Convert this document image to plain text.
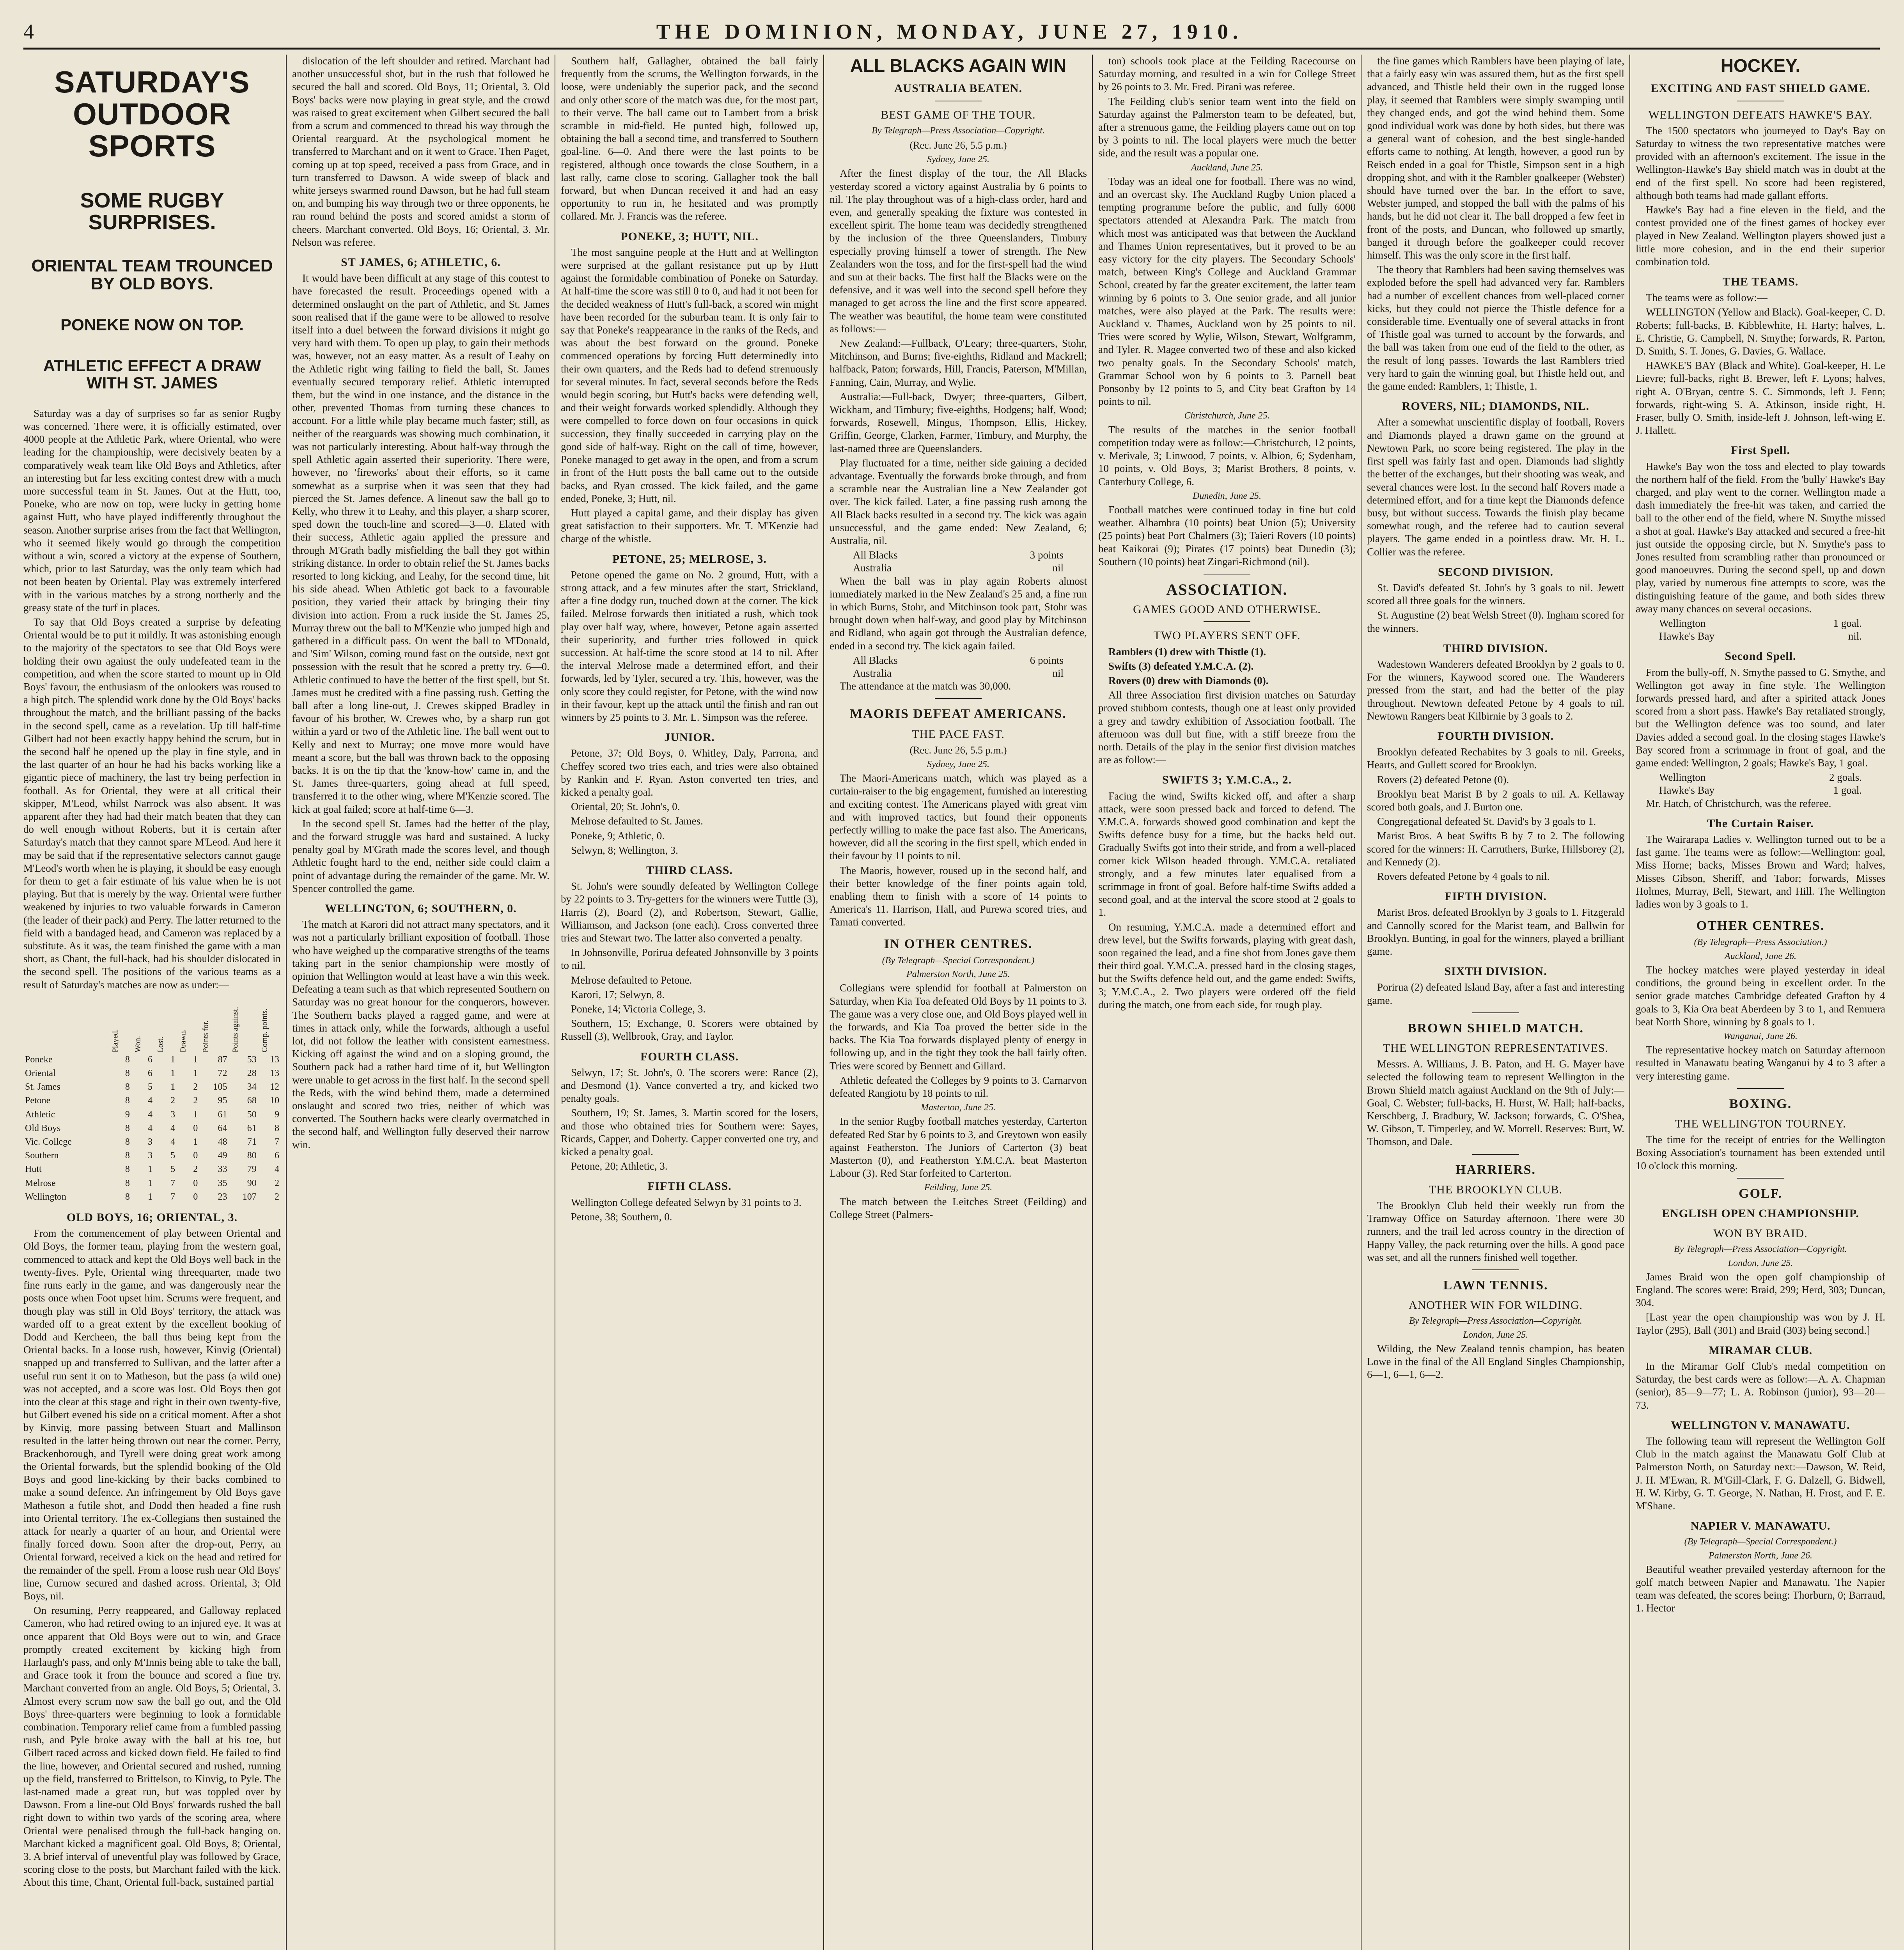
4	THE DOMINION, MONDAY, JUNE 27, 1910.
SATURDAY'S OUTDOOR SPORTS
SOME RUGBY SURPRISES.
ORIENTAL TEAM TROUNCED BY OLD BOYS.
PONEKE NOW ON TOP.
ATHLETIC EFFECT A DRAW WITH ST. JAMES

Saturday was a day of surprises so far as senior Rugby was concerned. There were, it is officially estimated, over 4000 people at the Athletic Park, where Oriental, who were leading for the championship, were decisively beaten by a comparatively weak team like Old Boys and Athletics, after an interesting but far less exciting contest drew with a much more successful team in St. James. Out at the Hutt, too, Poneke, who are now on top, were lucky in getting home against Hutt, who have played indifferently throughout the season. Another surprise arises from the fact that Wellington, who it seemed likely would go through the competition without a win, scored a victory at the expense of Southern, which, prior to last Saturday, was the only team which had not been beaten by Oriental. Play was extremely interfered with in the various matches by a strong northerly and the greasy state of the turf in places.

To say that Old Boys created a surprise by defeating Oriental would be to put it mildly. It was astonishing enough to the majority of the spectators to see that Old Boys were holding their own against the only undefeated team in the competition, and when the score started to mount up in Old Boys' favour, the enthusiasm of the onlookers was roused to a high pitch. The splendid work done by the Old Boys' backs throughout the match, and the brilliant passing of the backs in the second spell, came as a revelation. Up till half-time Gilbert had not been exactly happy behind the scrum, but in the second half he opened up the play in fine style, and in the last quarter of an hour he had his backs working like a gigantic piece of machinery, the last try being perfection in football. As for Oriental, they were at all critical their skipper, M'Leod, whilst Narrock was also absent. It was apparent after they had had their match beaten that they can do well enough without Roberts, but it is certain after Saturday's match that they cannot spare M'Leod. And here it may be said that if the representative selectors cannot gauge M'Leod's worth when he is playing, it should be easy enough for them to get a fair estimate of his value when he is not playing. But that is merely by the way. Oriental were further weakened by injuries to two valuable forwards in Cameron (the leader of their pack) and Perry. The latter returned to the field with a bandaged head, and Cameron was replaced by a substitute. As it was, the team finished the game with a man short, as Chant, the full-back, had his shoulder dislocated in the second spell. The positions of the various teams as a result of Saturday's matches are now as under:—

	Played.	Won.	Lost.	Drawn.	Points for.	Points against.	Comp. points.
Poneke	8	6	1	1	87	53	13
Oriental	8	6	1	1	72	28	13
St. James	8	5	1	2	105	34	12
Petone	8	4	2	2	95	68	10
Athletic	9	4	3	1	61	50	9
Old Boys	8	4	4	0	64	61	8
Vic. College	8	3	4	1	48	71	7
Southern	8	3	5	0	49	80	6
Hutt	8	1	5	2	33	79	4
Melrose	8	1	7	0	35	90	2
Wellington	8	1	7	0	23	107	2
OLD BOYS, 16; ORIENTAL, 3.

From the commencement of play between Oriental and Old Boys, the former team, playing from the western goal, commenced to attack and kept the Old Boys well back in the twenty-fives. Pyle, Oriental wing threequarter, made two fine runs early in the game, and was dangerously near the posts once when Foot upset him. Scrums were frequent, and though play was still in Old Boys' territory, the attack was warded off to a great extent by the excellent booking of Dodd and Kercheen, the ball thus being kept from the Oriental backs. In a loose rush, however, Kinvig (Oriental) snapped up and transferred to Sullivan, and the latter after a useful run sent it on to Matheson, but the pass (a wild one) was not accepted, and a score was lost. Old Boys then got into the clear at this stage and right in their own twenty-five, but Gilbert evened his side on a critical moment. After a shot by Kinvig, more passing between Stuart and Mallinson resulted in the latter being thrown out near the corner. Perry, Brackenborough, and Tyrell were doing great work among the Oriental forwards, but the splendid booking of the Old Boys and good line-kicking by their backs combined to make a sound defence. An infringement by Old Boys gave Matheson a futile shot, and Dodd then headed a fine rush into Oriental territory. The ex-Collegians then sustained the attack for nearly a quarter of an hour, and Oriental were finally forced down. Soon after the drop-out, Perry, an Oriental forward, received a kick on the head and retired for the remainder of the spell. From a loose rush near Old Boys' line, Curnow secured and dashed across. Oriental, 3; Old Boys, nil.

On resuming, Perry reappeared, and Galloway replaced Cameron, who had retired owing to an injured eye. It was at once apparent that Old Boys were out to win, and Grace promptly created excitement by kicking high from Harlaugh's pass, and only M'Innis being able to take the ball, and Grace took it from the bounce and scored a fine try. Marchant converted from an angle. Old Boys, 5; Oriental, 3. Almost every scrum now saw the ball go out, and the Old Boys' three-quarters were beginning to look a formidable combination. Temporary relief came from a fumbled passing rush, and Pyle broke away with the ball at his toe, but Gilbert raced across and kicked down field. He failed to find the line, however, and Oriental secured and rushed, running up the field, transferred to Brittelson, to Kinvig, to Pyle. The last-named made a great run, but was toppled over by Dawson. From a line-out Old Boys' forwards rushed the ball right down to within two yards of the scoring area, where Oriental were penalised through the full-back hanging on. Marchant kicked a magnificent goal. Old Boys, 8; Oriental, 3. A brief interval of uneventful play was followed by Grace, scoring close to the posts, but Marchant failed with the kick. About this time, Chant, Oriental full-back, sustained partial

dislocation of the left shoulder and retired. Marchant had another unsuccessful shot, but in the rush that followed he secured the ball and scored. Old Boys, 11; Oriental, 3. Old Boys' backs were now playing in great style, and the crowd was raised to great excitement when Gilbert secured the ball from a scrum and commenced to thread his way through the Oriental rearguard. At the psychological moment he transferred to Marchant and on it went to Grace. Then Paget, coming up at top speed, received a pass from Grace, and in turn transferred to Dawson. A wide sweep of black and white jerseys swarmed round Dawson, but he had full steam on, and bumping his way through two or three opponents, he ran round behind the posts and scored amidst a storm of cheers. Marchant converted. Old Boys, 16; Oriental, 3. Mr. Nelson was referee.

ST JAMES, 6; ATHLETIC, 6.

It would have been difficult at any stage of this contest to have forecasted the result. Proceedings opened with a determined onslaught on the part of Athletic, and St. James soon realised that if the game were to be allowed to resolve itself into a duel between the forward divisions it might go very hard with them. To open up play, to gain their methods was, however, not an easy matter. As a result of Leahy on the Athletic right wing failing to field the ball, St. James eventually secured temporary relief. Athletic interrupted them, but the wind in one instance, and the distance in the other, prevented Thomas from turning these chances to account. For a little while play became much faster; still, as neither of the rearguards was showing much combination, it was not particularly interesting. About half-way through the spell Athletic again asserted their superiority. There were, however, no 'fireworks' about their efforts, so it came somewhat as a surprise when it was seen that they had pierced the St. James defence. A lineout saw the ball go to Kelly, who threw it to Leahy, and this player, a sharp scorer, sped down the touch-line and scored—3—0. Elated with their success, Athletic again applied the pressure and through M'Grath badly misfielding the ball they got within striking distance. In order to obtain relief the St. James backs resorted to long kicking, and Leahy, for the second time, hit his side ahead. When Athletic got back to a favourable position, they varied their attack by bringing their tiny division into action. From a ruck inside the St. James 25, Murray threw out the ball to M'Kenzie who jumped high and gathered in a difficult pass. On went the ball to M'Donald, and 'Sim' Wilson, coming round fast on the outside, next got possession with the result that he scored a pretty try. 6—0. Athletic continued to have the better of the first spell, but St. James must be credited with a fine passing rush. Getting the ball after a long line-out, J. Crewes skipped Bradley in favour of his brother, W. Crewes who, by a sharp run got within a yard or two of the Athletic line. The ball went out to Kelly and next to Murray; one move more would have meant a score, but the ball was thrown back to the opposing backs. It is on the tip that the 'know-how' came in, and the St. James three-quarters, going ahead at full speed, transferred it to the other wing, where M'Kenzie scored. The kick at goal failed; score at half-time 6—3.

In the second spell St. James had the better of the play, and the forward struggle was hard and sustained. A lucky penalty goal by M'Grath made the scores level, and though Athletic fought hard to the end, neither side could claim a point of advantage during the remainder of the game. Mr. W. Spencer controlled the game.

WELLINGTON, 6; SOUTHERN, 0.

The match at Karori did not attract many spectators, and it was not a particularly brilliant exposition of football. Those who have weighed up the comparative strengths of the teams taking part in the senior championship were mostly of opinion that Wellington would at least have a win this week. Defeating a team such as that which represented Southern on Saturday was no great honour for the conquerors, however. The Southern backs played a ragged game, and were at times in attack only, while the forwards, although a useful lot, did not follow the leather with consistent earnestness. Kicking off against the wind and on a sloping ground, the Southern pack had a rather hard time of it, but Wellington were unable to get across in the first half. In the second spell the Reds, with the wind behind them, made a determined onslaught and scored two tries, neither of which was converted. The Southern backs were clearly overmatched in the second half, and Wellington fully deserved their narrow win.

Southern half, Gallagher, obtained the ball fairly frequently from the scrums, the Wellington forwards, in the loose, were undeniably the superior pack, and the second and only other score of the match was due, for the most part, to their verve. The ball came out to Lambert from a brisk scramble in mid-field. He punted high, followed up, obtaining the ball a second time, and transferred to Southern goal-line. 6—0. And there were the last points to be registered, although once towards the close Southern, in a last rally, came close to scoring. Gallagher took the ball forward, but when Duncan received it and had an easy opportunity to run in, he hesitated and was promptly collared. Mr. J. Francis was the referee.

PONEKE, 3; HUTT, NIL.

The most sanguine people at the Hutt and at Wellington were surprised at the gallant resistance put up by Hutt against the formidable combination of Poneke on Saturday. At half-time the score was still 0 to 0, and had it not been for the decided weakness of Hutt's full-back, a scored win might have been recorded for the suburban team. It is only fair to say that Poneke's reappearance in the ranks of the Reds, and was about the best forward on the ground. Poneke commenced operations by forcing Hutt determinedly into their own quarters, and the Reds had to defend strenuously for several minutes. In fact, several seconds before the Reds would begin scoring, but Hutt's backs were defending well, and their weight forwards worked splendidly. Although they were compelled to force down on four occasions in quick succession, they finally succeeded in carrying play on the good side of half-way. Right on the call of time, however, Poneke managed to get away in the open, and from a scrum in front of the Hutt posts the ball came out to the outside backs, and Ryan crossed. The kick failed, and the game ended, Poneke, 3; Hutt, nil.

Hutt played a capital game, and their display has given great satisfaction to their supporters. Mr. T. M'Kenzie had charge of the whistle.

PETONE, 25; MELROSE, 3.

Petone opened the game on No. 2 ground, Hutt, with a strong attack, and a few minutes after the start, Strickland, after a fine dodgy run, touched down at the corner. The kick failed. Melrose forwards then initiated a rush, which took play over half way, where, however, Petone again asserted their superiority, and further tries followed in quick succession. At half-time the score stood at 14 to nil. After the interval Melrose made a determined effort, and their forwards, led by Tyler, secured a try. This, however, was the only score they could register, for Petone, with the wind now in their favour, kept up the attack until the finish and ran out winners by 25 points to 3. Mr. L. Simpson was the referee.

JUNIOR.

Petone, 37; Old Boys, 0. Whitley, Daly, Parrona, and Cheffey scored two tries each, and tries were also obtained by Rankin and F. Ryan. Aston converted ten tries, and kicked a penalty goal.

Oriental, 20; St. John's, 0.

Melrose defaulted to St. James.

Poneke, 9; Athletic, 0.

Selwyn, 8; Wellington, 3.

THIRD CLASS.

St. John's were soundly defeated by Wellington College by 22 points to 3. Try-getters for the winners were Tuttle (3), Harris (2), Board (2), and Robertson, Stewart, Gallie, Williamson, and Jackson (one each). Cross converted three tries and Stewart two. The latter also converted a penalty.

In Johnsonville, Porirua defeated Johnsonville by 3 points to nil.

Melrose defaulted to Petone.

Karori, 17; Selwyn, 8.

Poneke, 14; Victoria College, 3.

Southern, 15; Exchange, 0. Scorers were obtained by Russell (3), Wellbrook, Gray, and Taylor.

FOURTH CLASS.

Selwyn, 17; St. John's, 0. The scorers were: Rance (2), and Desmond (1). Vance converted a try, and kicked two penalty goals.

Southern, 19; St. James, 3. Martin scored for the losers, and those who obtained tries for Southern were: Sayes, Ricards, Capper, and Doherty. Capper converted one try, and kicked a penalty goal.

Petone, 20; Athletic, 3.

FIFTH CLASS.

Wellington College defeated Selwyn by 31 points to 3.

Petone, 38; Southern, 0.

ALL BLACKS AGAIN WIN
AUSTRALIA BEATEN.
BEST GAME OF THE TOUR.
By Telegraph—Press Association—Copyright.
(Rec. June 26, 5.5 p.m.)
Sydney, June 25.

After the finest display of the tour, the All Blacks yesterday scored a victory against Australia by 6 points to nil. The play throughout was of a high-class order, hard and even, and generally speaking the fixture was contested in excellent spirit. The home team was decidedly strengthened by the inclusion of the three Queenslanders, Timbury especially proving himself a tower of strength. The New Zealanders won the toss, and for the first-spell had the wind and sun at their backs. The first half the Blacks were on the defensive, and it was well into the second spell before they managed to get across the line and the first score appeared. The weather was beautiful, the home team were constituted as follows:—

New Zealand:—Fullback, O'Leary; three-quarters, Stohr, Mitchinson, and Burns; five-eighths, Ridland and Mackrell; halfback, Paton; forwards, Hill, Francis, Paterson, M'Millan, Fanning, Cain, Murray, and Wylie.

Australia:—Full-back, Dwyer; three-quarters, Gilbert, Wickham, and Timbury; five-eighths, Hodgens; half, Wood; forwards, Rosewell, Mingus, Thompson, Ellis, Hickey, Griffin, George, Clarken, Farmer, Timbury, and Murphy, the last-named three are Queenslanders.

Play fluctuated for a time, neither side gaining a decided advantage. Eventually the forwards broke through, and from a scramble near the Australian line a New Zealander got over. The kick failed. Later, a fine passing rush among the All Black backs resulted in a second try. The kick was again unsuccessful, and the game ended: New Zealand, 6; Australia, nil.

All Blacks	3 points
Australia	nil

When the ball was in play again Roberts almost immediately marked in the New Zealand's 25 and, a fine run in which Burns, Stohr, and Mitchinson took part, Stohr was brought down when half-way, and good play by Mitchinson and Ridland, who again got through the Australian defence, ended in a second try. The kick again failed.

All Blacks	6 points
Australia	nil

The attendance at the match was 30,000.

MAORIS DEFEAT AMERICANS.
THE PACE FAST.
(Rec. June 26, 5.5 p.m.)
Sydney, June 25.

The Maori-Americans match, which was played as a curtain-raiser to the big engagement, furnished an interesting and exciting contest. The Americans played with great vim and with improved tactics, but found their opponents perfectly willing to make the pace fast also. The Americans, however, did all the scoring in the first spell, which ended in their favour by 11 points to nil.

The Maoris, however, roused up in the second half, and their better knowledge of the finer points again told, enabling them to finish with a score of 14 points to America's 11. Harrison, Hall, and Purewa scored tries, and Tamati converted.

IN OTHER CENTRES.
(By Telegraph—Special Correspondent.)
Palmerston North, June 25.

Collegians were splendid for football at Palmerston on Saturday, when Kia Toa defeated Old Boys by 11 points to 3. The game was a very close one, and Old Boys played well in the forwards, and Kia Toa proved the better side in the backs. The Kia Toa forwards displayed plenty of energy in following up, and in the tight they took the ball fairly often. Tries were scored by Bennett and Gillard.

Athletic defeated the Colleges by 9 points to 3. Carnarvon defeated Rangiotu by 18 points to nil.

Masterton, June 25.

In the senior Rugby football matches yesterday, Carterton defeated Red Star by 6 points to 3, and Greytown won easily against Featherston. The Juniors of Carterton (3) beat Masterton (0), and Featherston Y.M.C.A. beat Masterton Labour (3). Red Star forfeited to Carterton.

Feilding, June 25.

The match between the Leitches Street (Feilding) and College Street (Palmers-

ton) schools took place at the Feilding Racecourse on Saturday morning, and resulted in a win for College Street by 26 points to 3. Mr. Fred. Pirani was referee.

The Feilding club's senior team went into the field on Saturday against the Palmerston team to be defeated, but, after a strenuous game, the Feilding players came out on top by 3 points to nil. The local players were much the better side, and the result was a popular one.

Auckland, June 25.

Today was an ideal one for football. There was no wind, and an overcast sky. The Auckland Rugby Union placed a tempting programme before the public, and fully 6000 spectators attended at Alexandra Park. The match from which most was anticipated was that between the Auckland and Thames Union representatives, but it proved to be an easy victory for the city players. The Secondary Schools' match, between King's College and Auckland Grammar School, created by far the greater excitement, the latter team winning by 6 points to 3. One senior grade, and all junior matches, were also played at the Park. The results were: Auckland v. Thames, Auckland won by 25 points to nil. Tries were scored by Wylie, Wilson, Stewart, Wolfgramm, and Tyler. R. Magee converted two of these and also kicked two penalty goals. In the Secondary Schools' match, Grammar School won by 6 points to 3. Parnell beat Ponsonby by 12 points to 5, and City beat Grafton by 14 points to nil.

Christchurch, June 25.

The results of the matches in the senior football competition today were as follow:—Christchurch, 12 points, v. Merivale, 3; Linwood, 7 points, v. Albion, 6; Sydenham, 10 points, v. Old Boys, 3; Marist Brothers, 8 points, v. Canterbury College, 6.

Dunedin, June 25.

Football matches were continued today in fine but cold weather. Alhambra (10 points) beat Union (5); University (25 points) beat Port Chalmers (3); Taieri Rovers (10 points) beat Kaikorai (9); Pirates (17 points) beat Dunedin (3); Southern (10 points) beat Zingari-Richmond (nil).

ASSOCIATION.
GAMES GOOD AND OTHERWISE.
TWO PLAYERS SENT OFF.

Ramblers (1) drew with Thistle (1).

Swifts (3) defeated Y.M.C.A. (2).

Rovers (0) drew with Diamonds (0).

All three Association first division matches on Saturday proved stubborn contests, though one at least only provided a grey and tawdry exhibition of Association football. The afternoon was dull but fine, with a stiff breeze from the north. Details of the play in the senior first division matches are as follow:—

SWIFTS 3; Y.M.C.A., 2.

Facing the wind, Swifts kicked off, and after a sharp attack, were soon pressed back and forced to defend. The Y.M.C.A. forwards showed good combination and kept the Swifts defence busy for a time, but the backs held out. Gradually Swifts got into their stride, and from a well-placed corner kick Wilson headed through. Y.M.C.A. retaliated strongly, and a few minutes later equalised from a scrimmage in front of goal. Before half-time Swifts added a second goal, and at the interval the score stood at 2 goals to 1.

On resuming, Y.M.C.A. made a determined effort and drew level, but the Swifts forwards, playing with great dash, soon regained the lead, and a fine shot from Jones gave them their third goal. Y.M.C.A. pressed hard in the closing stages, but the Swifts defence held out, and the game ended: Swifts, 3; Y.M.C.A., 2. Two players were ordered off the field during the match, one from each side, for rough play.

the fine games which Ramblers have been playing of late, that a fairly easy win was assured them, but as the first spell advanced, and Thistle held their own in the rugged loose play, it seemed that Ramblers were simply swamping until they changed ends, and got the wind behind them. Some good individual work was done by both sides, but there was a general want of cohesion, and the best single-handed efforts came to nothing. At length, however, a good run by Reisch ended in a goal for Thistle, Simpson sent in a high dropping shot, and with it the Rambler goalkeeper (Webster) should have turned over the bar. In the effort to save, Webster jumped, and stopped the ball with the palms of his hands, but he did not clear it. The ball dropped a few feet in front of the posts, and Duncan, who followed up smartly, banged it through before the goalkeeper could recover himself. This was the only score in the first half.

The theory that Ramblers had been saving themselves was exploded before the spell had advanced very far. Ramblers had a number of excellent chances from well-placed corner kicks, but they could not pierce the Thistle defence for a considerable time. Eventually one of several attacks in front of Thistle goal was turned to account by the forwards, and the ball was taken from one end of the field to the other, as the result of long passes. Towards the last Ramblers tried very hard to gain the winning goal, but Thistle held out, and the game ended: Ramblers, 1; Thistle, 1.

ROVERS, NIL; DIAMONDS, NIL.

After a somewhat unscientific display of football, Rovers and Diamonds played a drawn game on the ground at Newtown Park, no score being registered. The play in the first spell was fairly fast and open. Diamonds had slightly the better of the exchanges, but their shooting was weak, and several chances were lost. In the second half Rovers made a determined effort, and for a time kept the Diamonds defence busy, but without success. Towards the finish play became somewhat rough, and the referee had to caution several players. The game ended in a pointless draw. Mr. H. L. Collier was the referee.

SECOND DIVISION.

St. David's defeated St. John's by 3 goals to nil. Jewett scored all three goals for the winners.

St. Augustine (2) beat Welsh Street (0). Ingham scored for the winners.

THIRD DIVISION.

Wadestown Wanderers defeated Brooklyn by 2 goals to 0. For the winners, Kaywood scored one. The Wanderers pressed from the start, and had the better of the play throughout. Newtown defeated Petone by 4 goals to nil. Newtown Rangers beat Kilbirnie by 3 goals to 2.

FOURTH DIVISION.

Brooklyn defeated Rechabites by 3 goals to nil. Greeks, Hearts, and Gullett scored for Brooklyn.

Rovers (2) defeated Petone (0).

Brooklyn beat Marist B by 2 goals to nil. A. Kellaway scored both goals, and J. Burton one.

Congregational defeated St. David's by 3 goals to 1.

Marist Bros. A beat Swifts B by 7 to 2. The following scored for the winners: H. Carruthers, Burke, Hillsborey (2), and Kennedy (2).

Rovers defeated Petone by 4 goals to nil.

FIFTH DIVISION.

Marist Bros. defeated Brooklyn by 3 goals to 1. Fitzgerald and Cannolly scored for the Marist team, and Ballwin for Brooklyn. Bunting, in goal for the winners, played a brilliant game.

SIXTH DIVISION.

Porirua (2) defeated Island Bay, after a fast and interesting game.

BROWN SHIELD MATCH.
THE WELLINGTON REPRESENTATIVES.

Messrs. A. Williams, J. B. Paton, and H. G. Mayer have selected the following team to represent Wellington in the Brown Shield match against Auckland on the 9th of July:—Goal, C. Webster; full-backs, H. Hurst, W. Hall; half-backs, Kerschberg, J. Bradbury, W. Jackson; forwards, C. O'Shea, W. Gibson, T. Timperley, and W. Morrell. Reserves: Burt, W. Thomson, and Dale.

HARRIERS.
THE BROOKLYN CLUB.

The Brooklyn Club held their weekly run from the Tramway Office on Saturday afternoon. There were 30 runners, and the trail led across country in the direction of Happy Valley, the pack returning over the hills. A good pace was set, and all the runners finished well together.

LAWN TENNIS.
ANOTHER WIN FOR WILDING.
By Telegraph—Press Association—Copyright.
London, June 25.

Wilding, the New Zealand tennis champion, has beaten Lowe in the final of the All England Singles Championship, 6—1, 6—1, 6—2.

HOCKEY.
EXCITING AND FAST SHIELD GAME.
WELLINGTON DEFEATS HAWKE'S BAY.

The 1500 spectators who journeyed to Day's Bay on Saturday to witness the two representative matches were provided with an afternoon's excitement. The issue in the Wellington-Hawke's Bay shield match was in doubt at the end of the first spell. No score had been registered, although both teams had made gallant efforts.

Hawke's Bay had a fine eleven in the field, and the contest provided one of the finest games of hockey ever played in New Zealand. Wellington players showed just a little more cohesion, and in the end their superior combination told.

THE TEAMS.

The teams were as follow:—

WELLINGTON (Yellow and Black). Goal-keeper, C. D. Roberts; full-backs, B. Kibblewhite, H. Harty; halves, L. E. Christie, G. Campbell, N. Smythe; forwards, R. Parton, D. Smith, S. T. Jones, G. Davies, G. Wallace.

HAWKE'S BAY (Black and White). Goal-keeper, H. Le Lievre; full-backs, right B. Brewer, left F. Lyons; halves, right A. O'Bryan, centre S. C. Simmonds, left J. Fenn; forwards, right-wing S. A. Atkinson, inside right, H. Fraser, bully O. Smith, inside-left J. Johnson, left-wing E. J. Hallett.

First Spell.

Hawke's Bay won the toss and elected to play towards the northern half of the field. From the 'bully' Hawke's Bay charged, and play went to the corner. Wellington made a dash immediately the free-hit was taken, and carried the ball to the other end of the field, where N. Smythe missed a shot at goal. Hawke's Bay attacked and secured a free-hit just outside the opposing circle, but N. Smythe's pass to Jones resulted from scrambling rather than pronounced or good manoeuvres. During the second spell, up and down play, varied by numerous fine attempts to score, was the distinguishing feature of the game, and both sides threw away many chances on several occasions.

Wellington	1 goal.
Hawke's Bay	nil.
Second Spell.

From the bully-off, N. Smythe passed to G. Smythe, and Wellington got away in fine style. The Wellington forwards pressed hard, and after a spirited attack Jones scored from a short pass. Hawke's Bay retaliated strongly, but the Wellington defence was too sound, and later Davies added a second goal. In the closing stages Hawke's Bay scored from a scrimmage in front of goal, and the game ended: Wellington, 2 goals; Hawke's Bay, 1 goal.

Wellington	2 goals.
Hawke's Bay	1 goal.

Mr. Hatch, of Christchurch, was the referee.

The Curtain Raiser.

The Wairarapa Ladies v. Wellington turned out to be a fast game. The teams were as follow:—Wellington: goal, Miss Horne; backs, Misses Brown and Ward; halves, Misses Gibson, Sheriff, and Tabor; forwards, Misses Holmes, Murray, Bell, Stewart, and Hill. The Wellington ladies won by 3 goals to 1.

OTHER CENTRES.
(By Telegraph—Press Association.)
Auckland, June 26.

The hockey matches were played yesterday in ideal conditions, the ground being in excellent order. In the senior grade matches Cambridge defeated Grafton by 4 goals to 3, Kia Ora beat Aberdeen by 3 to 1, and Remuera beat North Shore, winning by 8 goals to 1.

Wanganui, June 26.

The representative hockey match on Saturday afternoon resulted in Manawatu beating Wanganui by 4 to 3 after a very interesting game.

BOXING.
THE WELLINGTON TOURNEY.

The time for the receipt of entries for the Wellington Boxing Association's tournament has been extended until 10 o'clock this morning.

GOLF.
ENGLISH OPEN CHAMPIONSHIP.
WON BY BRAID.
By Telegraph—Press Association—Copyright.
London, June 25.

James Braid won the open golf championship of England. The scores were: Braid, 299; Herd, 303; Duncan, 304.

[Last year the open championship was won by J. H. Taylor (295), Ball (301) and Braid (303) being second.]

MIRAMAR CLUB.

In the Miramar Golf Club's medal competition on Saturday, the best cards were as follow:—A. A. Chapman (senior), 85—9—77; L. A. Robinson (junior), 93—20—73.

WELLINGTON V. MANAWATU.

The following team will represent the Wellington Golf Club in the match against the Manawatu Golf Club at Palmerston North, on Saturday next:—Dawson, W. Reid, J. H. M'Ewan, R. M'Gill-Clark, F. G. Dalzell, G. Bidwell, H. W. Kirby, G. T. George, N. Nathan, H. Frost, and F. E. M'Shane.

NAPIER V. MANAWATU.
(By Telegraph—Special Correspondent.)
Palmerston North, June 26.

Beautiful weather prevailed yesterday afternoon for the golf match between Napier and Manawatu. The Napier team was defeated, the scores being: Thorburn, 0; Barraud, 1. Hector
